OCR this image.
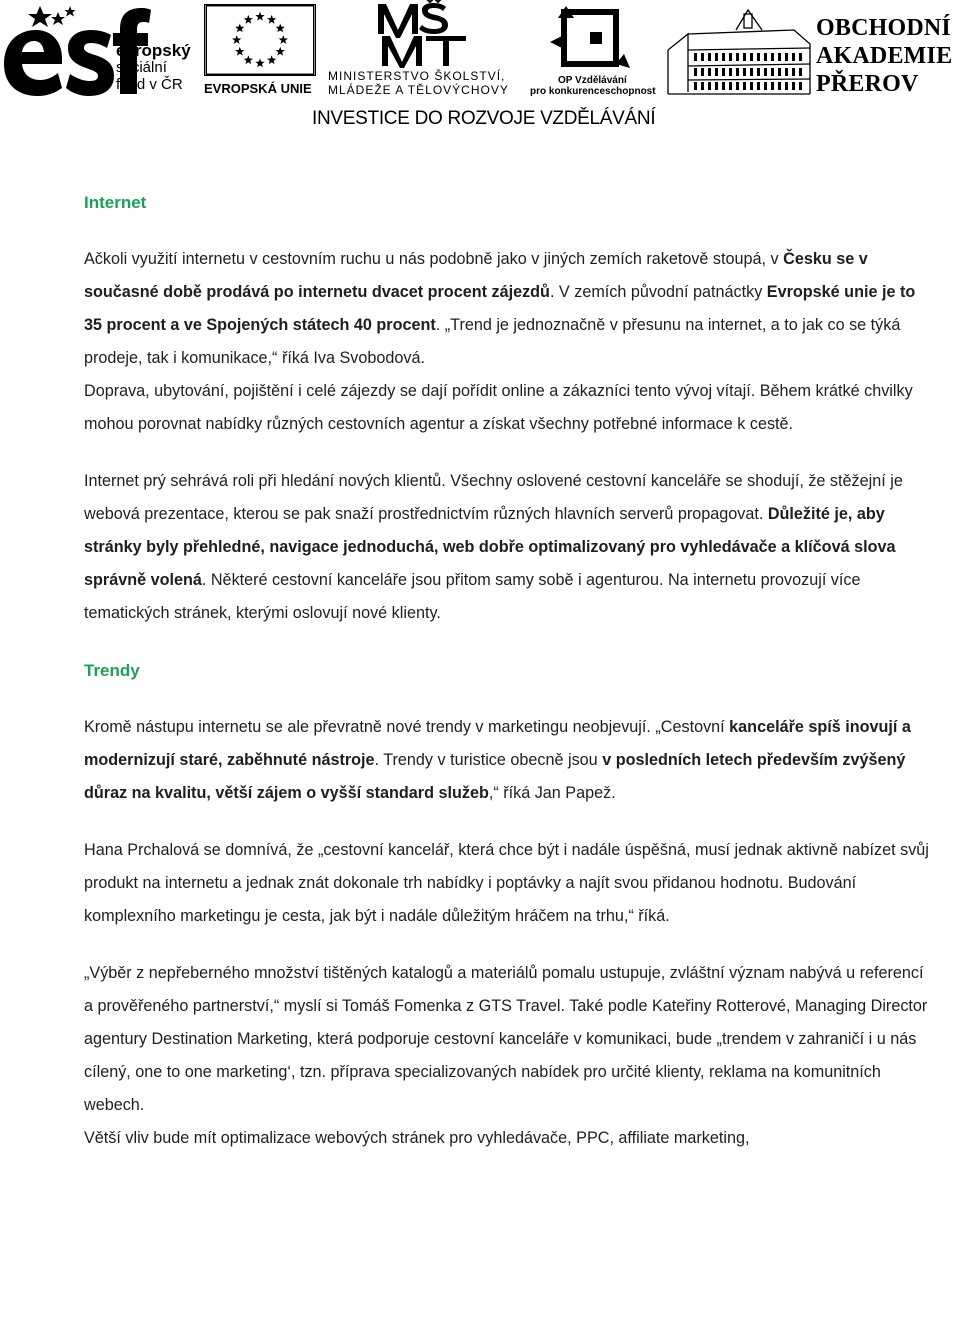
evropský
sociální
fond v ČR	EVROPSKÁ UNIE
MINISTERSTVO ŠKOLSTVÍ,
MLÁDEŽE A TĚLOVÝCHOVY
OP Vzdělávání
pro konkurenceschopnost
OBCHODNÍ
AKADEMIE
PŘEROV
INVESTICE DO ROZVOJE VZDĚLÁVÁNÍ

Internet

Ačkoli využití internetu v cestovním ruchu u nás podobně jako v jiných zemích raketově stoupá, v Česku se v současné době prodává po internetu dvacet procent zájezdů. V zemích původní patnáctky Evropské unie je to 35 procent a ve Spojených státech 40 procent. „Trend je jednoznačně v přesunu na internet, a to jak co se týká prodeje, tak i komunikace,“ říká Iva Svobodová.

Doprava, ubytování, pojištění i celé zájezdy se dají pořídit online a zákazníci tento vývoj vítají. Během krátké chvilky mohou porovnat nabídky různých cestovních agentur a získat všechny potřebné informace k cestě.

Internet prý sehrává roli při hledání nových klientů. Všechny oslovené cestovní kanceláře se shodují, že stěžejní je webová prezentace, kterou se pak snaží prostřednictvím různých hlavních serverů propagovat. Důležité je, aby stránky byly přehledné, navigace jednoduchá, web dobře optimalizovaný pro vyhledávače a klíčová slova správně volená. Některé cestovní kanceláře jsou přitom samy sobě i agenturou. Na internetu provozují více tematických stránek, kterými oslovují nové klienty.

Trendy

Kromě nástupu internetu se ale převratně nové trendy v marketingu neobjevují. „Cestovní kanceláře spíš inovují a modernizují staré, zaběhnuté nástroje. Trendy v turistice obecně jsou v posledních letech především zvýšený důraz na kvalitu, větší zájem o vyšší standard služeb,“ říká Jan Papež.

Hana Prchalová se domnívá, že „cestovní kancelář, která chce být i nadále úspěšná, musí jednak aktivně nabízet svůj produkt na internetu a jednak znát dokonale trh nabídky i poptávky a najít svou přidanou hodnotu. Budování komplexního marketingu je cesta, jak být i nadále důležitým hráčem na trhu,“ říká.

„Výběr z nepřeberného množství tištěných katalogů a materiálů pomalu ustupuje, zvláštní význam nabývá u referencí a prověřeného partnerství,“ myslí si Tomáš Fomenka z GTS Travel. Také podle Kateřiny Rotterové, Managing Director agentury Destination Marketing, která podporuje cestovní kanceláře v komunikaci, bude „trendem v zahraničí i u nás cílený, one to one marketing‘, tzn. příprava specializovaných nabídek pro určité klienty, reklama na komunitních webech.

Větší vliv bude mít optimalizace webových stránek pro vyhledávače, PPC, affiliate marketing,
